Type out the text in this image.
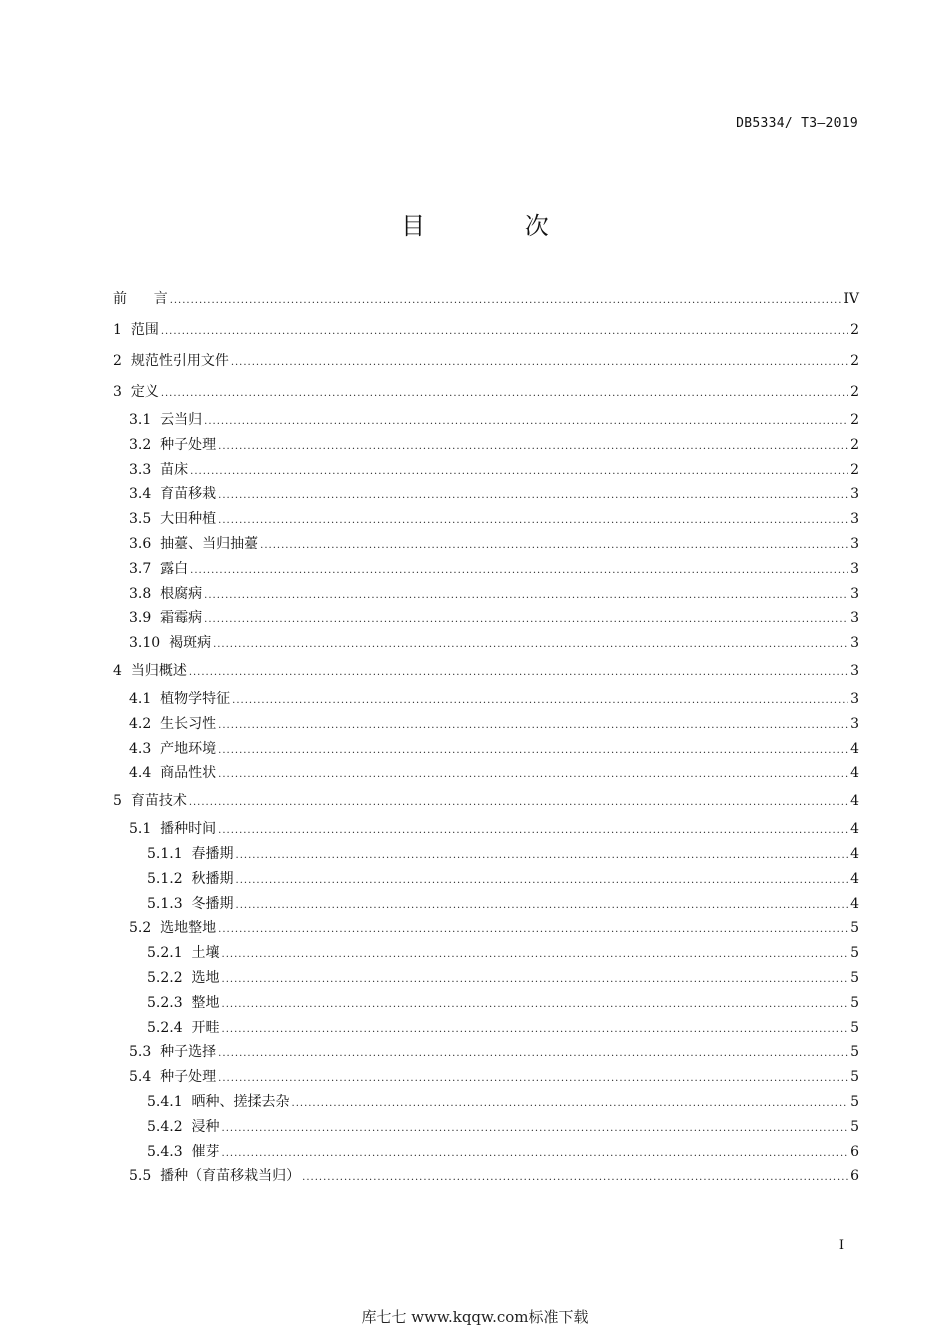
DB5334/ T3—2019
目 次
前 言 .....	IV
1 范围 .....	2
2 规范性引用文件 .....	2
3 定义 .....	2
3.1 云当归 .....	2
3.2 种子处理 .....	2
3.3 苗床 .....	2
3.4 育苗移栽 .....	3
3.5 大田种植 .....	3
3.6 抽薹、当归抽薹 .....	3
3.7 露白 .....	3
3.8 根腐病 .....	3
3.9 霜霉病 .....	3
3.10 褐斑病 .....	3
4 当归概述 .....	3
4.1 植物学特征 .....	3
4.2 生长习性 .....	3
4.3 产地环境 .....	4
4.4 商品性状 .....	4
5 育苗技术 .....	4
5.1 播种时间 .....	4
5.1.1 春播期 .....	4
5.1.2 秋播期 .....	4
5.1.3 冬播期 .....	4
5.2 选地整地 .....	5
5.2.1 土壤 .....	5
5.2.2 选地 .....	5
5.2.3 整地 .....	5
5.2.4 开畦 .....	5
5.3 种子选择 .....	5
5.4 种子处理 .....	5
5.4.1 晒种、搓揉去杂 .....	5
5.4.2 浸种 .....	5
5.4.3 催芽 .....	6
5.5 播种（育苗移栽当归） .....	6
I
库七七 www.kqqw.com标准下载
